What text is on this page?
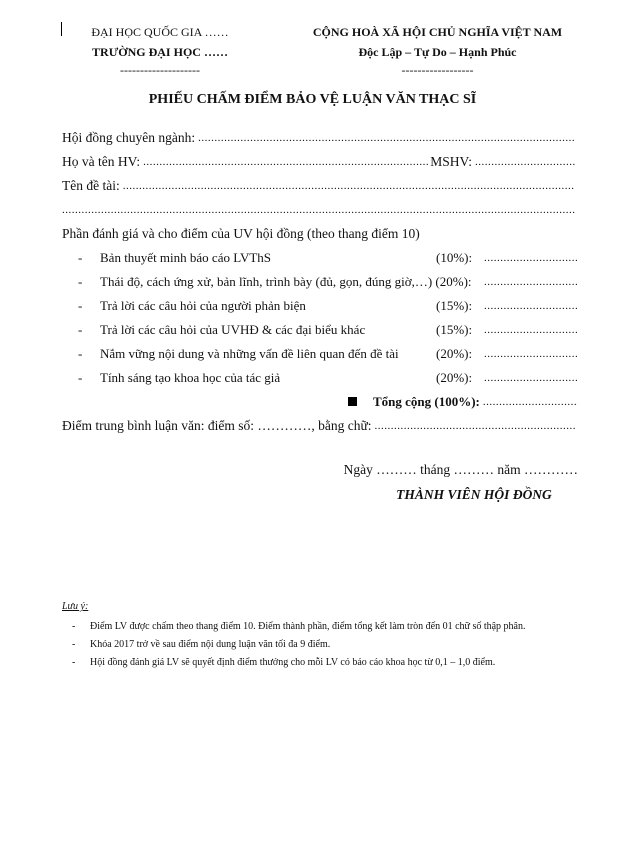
ĐẠI HỌC QUỐC GIA ……
TRƯỜNG ĐẠI HỌC ……
--------------------
CỘNG HOÀ XÃ HỘI CHỦ NGHĨA VIỆT NAM
Độc Lập – Tự Do – Hạnh Phúc
------------------
PHIẾU CHẤM ĐIỂM BẢO VỆ LUẬN VĂN THẠC SĨ
Hội đồng chuyên ngành:
.....
Họ và tên HV:
.....	MSHV:
.....
Tên đề tài:
.....
.....
Phần đánh giá và cho điểm của UV hội đồng (theo thang điểm 10)
-	Bản thuyết minh báo cáo LVThS	(10%):
.....
-	Thái độ, cách ứng xử, bản lĩnh, trình bày (đủ, gọn, đúng giờ,…) (20%):
.....
-	Trả lời các câu hỏi của người phản biện	(15%):
.....
-	Trả lời các câu hỏi của UVHĐ & các đại biểu khác	(15%):
.....
-	Nắm vững nội dung và những vấn đề liên quan đến đề tài	(20%):
.....
-	Tính sáng tạo khoa học của tác giả	(20%):
.....
Tổng cộng (100%):
.....
Điểm trung bình luận văn: điểm số: …………, bằng chữ:
.....
Ngày ……… tháng ……… năm …………
THÀNH VIÊN HỘI ĐỒNG
Lưu ý:
-	Điểm LV được chấm theo thang điểm 10. Điểm thành phần, điểm tổng kết làm tròn đến 01 chữ số thập phân.
-	Khóa 2017 trở về sau điểm nội dung luận văn tối đa 9 điểm.
-	Hội đồng đánh giá LV sẽ quyết định điểm thưởng cho mỗi LV có báo cáo khoa học từ 0,1 – 1,0 điểm.
